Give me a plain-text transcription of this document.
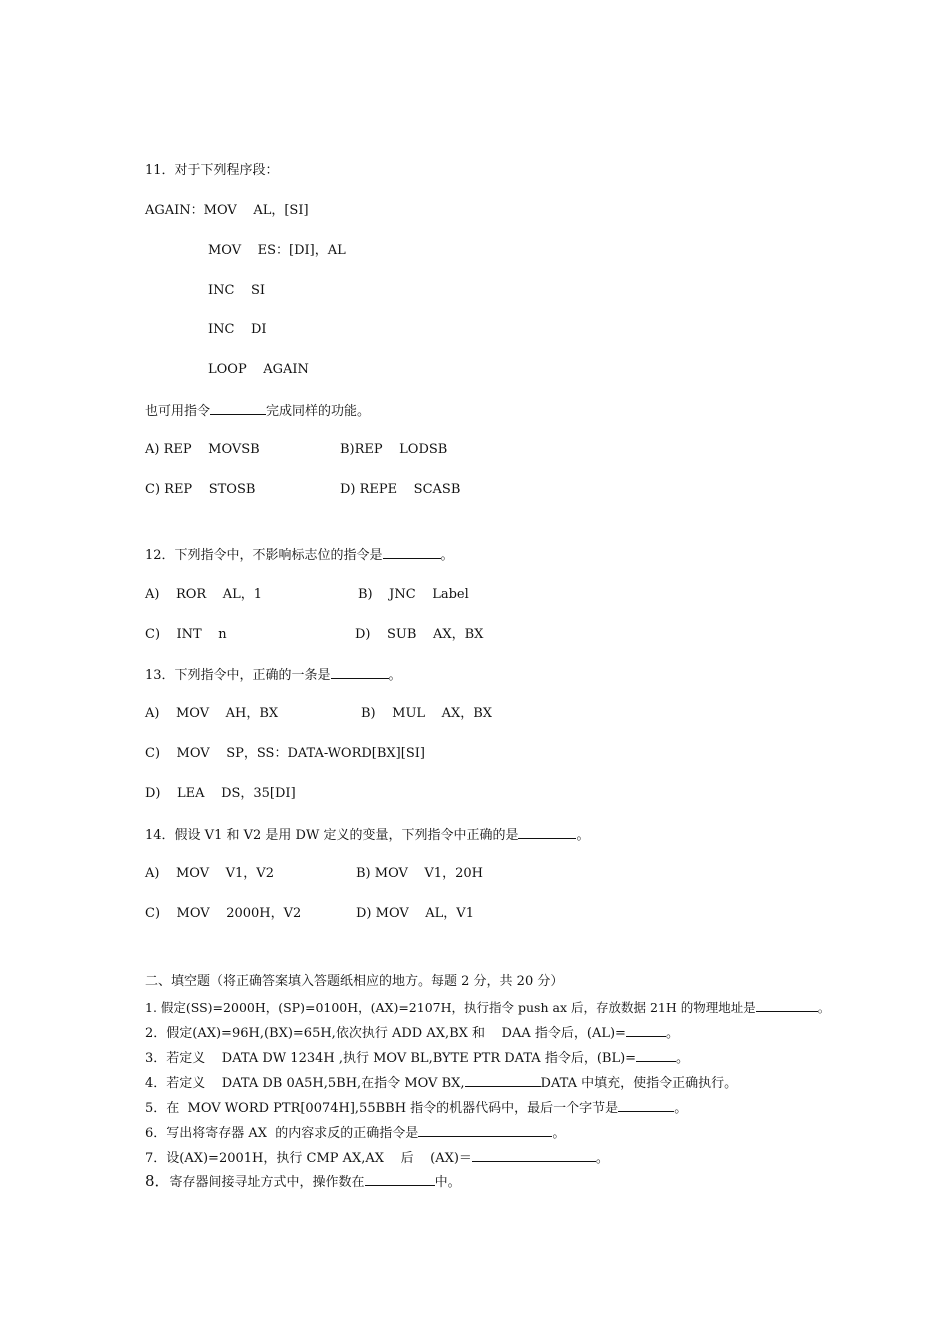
11．对于下列程序段：
AGAIN：MOV    AL，[SI]
MOV    ES：[DI]，AL
INC    SI
INC    DI
LOOP    AGAIN
也可用指令	完成同样的功能。
A) REP    MOVSB	B)REP    LODSB
C) REP    STOSB	D) REPE    SCASB
12．下列指令中，不影响标志位的指令是	。
A)    ROR    AL，1	B)    JNC    Label
C)    INT    n	D)    SUB    AX，BX
13．下列指令中，正确的一条是	。
A)    MOV    AH，BX	B)    MUL    AX，BX
C)    MOV    SP，SS：DATA-WORD[BX][SI]
D)    LEA    DS，35[DI]
14．假设 V1 和 V2 是用 DW 定义的变量，下列指令中正确的是	。
A)    MOV    V1，V2	B) MOV    V1，20H
C)    MOV    2000H，V2	D) MOV    AL，V1
二、填空题（将正确答案填入答题纸相应的地方。每题 2 分，共 20 分）
1. 假定(SS)=2000H，(SP)=0100H，(AX)=2107H，执行指令 push ax 后，存放数据 21H 的物理地址是	。
2．假定(AX)=96H,(BX)=65H,依次执行 ADD AX,BX 和    DAA 指令后，(AL)=	。
3．若定义    DATA DW 1234H ,执行 MOV BL,BYTE PTR DATA 指令后，(BL)=	。
4．若定义    DATA DB 0A5H,5BH,在指令 MOV BX,	DATA 中填充，使指令正确执行。
5．在  MOV WORD PTR[0074H],55BBH 指令的机器代码中，最后一个字节是	。
6．写出将寄存器 AX  的内容求反的正确指令是	。
7．设(AX)=2001H，执行 CMP AX,AX    后    (AX)＝	。
8．寄存器间接寻址方式中，操作数在	中。
